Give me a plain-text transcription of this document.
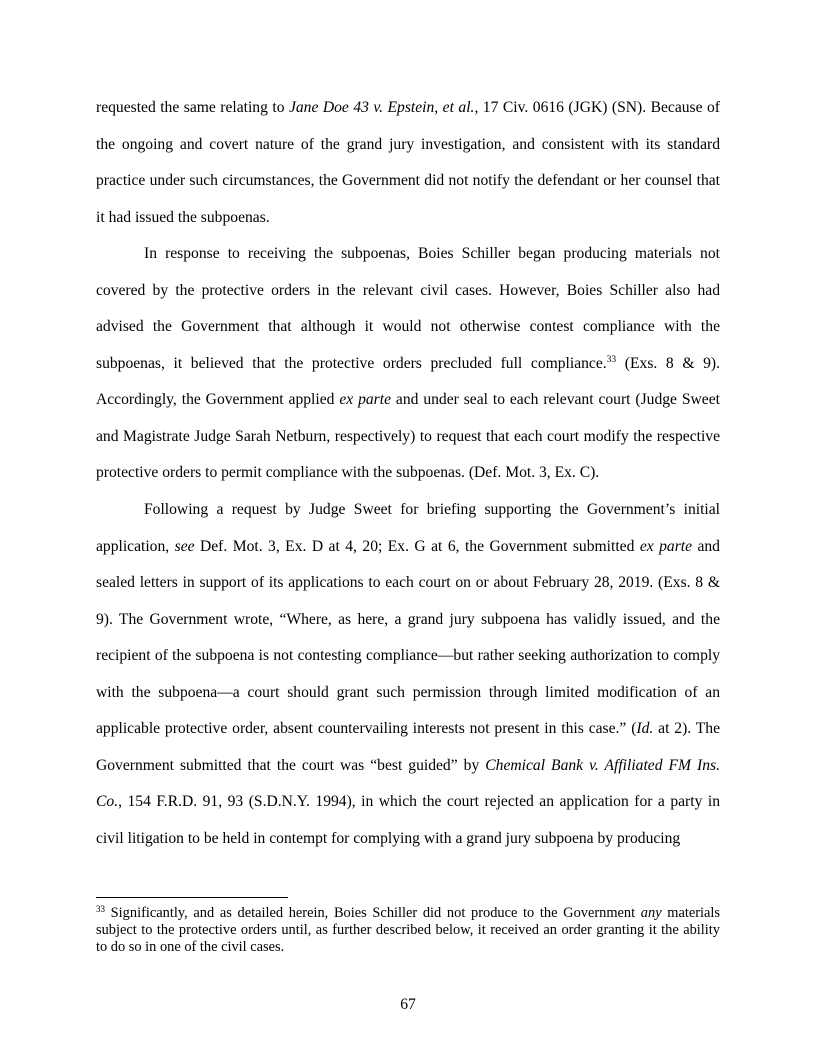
requested the same relating to Jane Doe 43 v. Epstein, et al., 17 Civ. 0616 (JGK) (SN). Because of the ongoing and covert nature of the grand jury investigation, and consistent with its standard practice under such circumstances, the Government did not notify the defendant or her counsel that it had issued the subpoenas.

In response to receiving the subpoenas, Boies Schiller began producing materials not covered by the protective orders in the relevant civil cases. However, Boies Schiller also had advised the Government that although it would not otherwise contest compliance with the subpoenas, it believed that the protective orders precluded full compliance.$^{33}$ (Exs. 8 & 9). Accordingly, the Government applied ex parte and under seal to each relevant court (Judge Sweet and Magistrate Judge Sarah Netburn, respectively) to request that each court modify the respective protective orders to permit compliance with the subpoenas. (Def. Mot. 3, Ex. C).

Following a request by Judge Sweet for briefing supporting the Government’s initial application, see Def. Mot. 3, Ex. D at 4, 20; Ex. G at 6, the Government submitted ex parte and sealed letters in support of its applications to each court on or about February 28, 2019. (Exs. 8 & 9). The Government wrote, “Where, as here, a grand jury subpoena has validly issued, and the recipient of the subpoena is not contesting compliance—but rather seeking authorization to comply with the subpoena—a court should grant such permission through limited modification of an applicable protective order, absent countervailing interests not present in this case.” (Id. at 2). The Government submitted that the court was “best guided” by Chemical Bank v. Affiliated FM Ins. Co., 154 F.R.D. 91, 93 (S.D.N.Y. 1994), in which the court rejected an application for a party in civil litigation to be held in contempt for complying with a grand jury subpoena by producing

$^{33}$ Significantly, and as detailed herein, Boies Schiller did not produce to the Government any materials subject to the protective orders until, as further described below, it received an order granting it the ability to do so in one of the civil cases.

67
